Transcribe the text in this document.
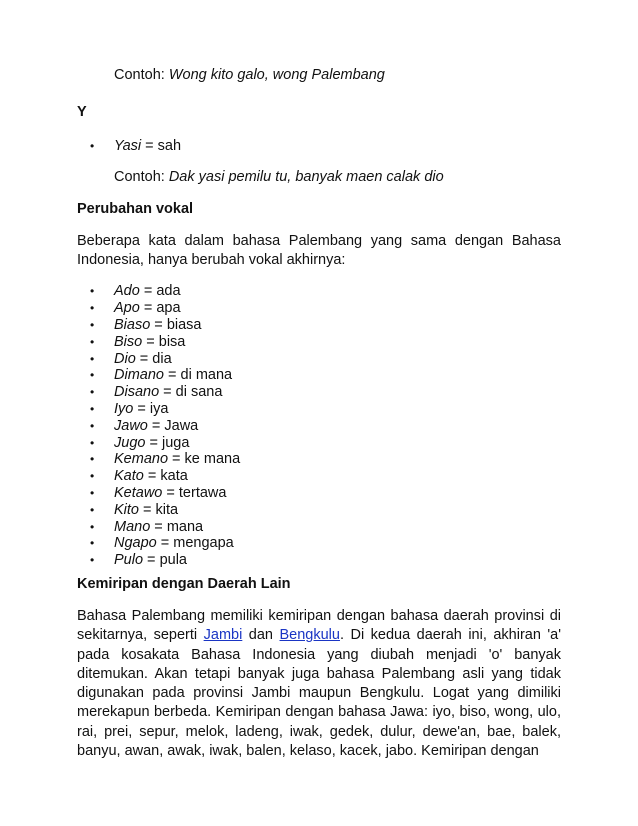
Contoh: Wong kito galo, wong Palembang
Y
• Yasi = sah
Contoh: Dak yasi pemilu tu, banyak maen calak dio
Perubahan vokal
Beberapa kata dalam bahasa Palembang yang sama dengan Bahasa Indonesia, hanya berubah vokal akhirnya:
• Ado = ada
• Apo = apa
• Biaso = biasa
• Biso = bisa
• Dio = dia
• Dimano = di mana
• Disano = di sana
• Iyo = iya
• Jawo = Jawa
• Jugo = juga
• Kemano = ke mana
• Kato = kata
• Ketawo = tertawa
• Kito = kita
• Mano = mana
• Ngapo = mengapa
• Pulo = pula
Kemiripan dengan Daerah Lain
Bahasa Palembang memiliki kemiripan dengan bahasa daerah provinsi di sekitarnya, seperti Jambi dan Bengkulu. Di kedua daerah ini, akhiran 'a' pada kosakata Bahasa Indonesia yang diubah menjadi 'o' banyak ditemukan. Akan tetapi banyak juga bahasa Palembang asli yang tidak digunakan pada provinsi Jambi maupun Bengkulu. Logat yang dimiliki merekapun berbeda. Kemiripan dengan bahasa Jawa: iyo, biso, wong, ulo, rai, prei, sepur, melok, ladeng, iwak, gedek, dulur, dewe'an, bae, balek, banyu, awan, awak, iwak, balen, kelaso, kacek, jabo. Kemiripan dengan
